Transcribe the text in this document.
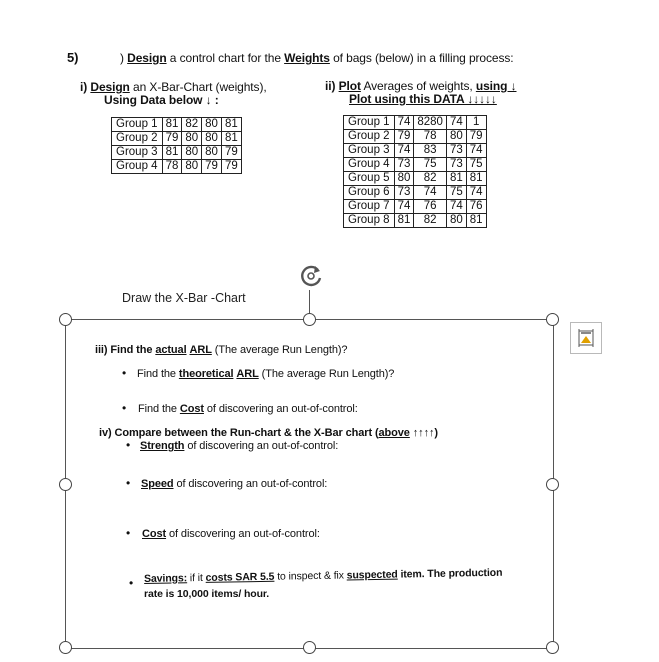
5)	) Design a control chart for the Weights of bags (below) in a filling process:
i) Design an X-Bar-Chart (weights),
Using Data below ↓ :
ii) Plot Averages of weights, using ↓
Plot using this DATA ↓↓↓↓↓
Group 1	81	82	80	81
Group 2	79	80	80	81
Group 3	81	80	80	79
Group 4	78	80	79	79
Group 1	74	8280	74	1
Group 2	79	78	80	79
Group 3	74	83	73	74
Group 4	73	75	73	75
Group 5	80	82	81	81
Group 6	73	74	75	74
Group 7	74	76	74	76
Group 8	81	82	80	81
Draw the X-Bar -Chart
iii) Find the actual ARL (The average Run Length)?
• Find the theoretical ARL (The average Run Length)?
• Find the Cost of discovering an out-of-control:
iv) Compare between the Run-chart & the X-Bar chart (above ↑↑↑↑)
• Strength of discovering an out-of-control:
• Speed of discovering an out-of-control:
• Cost of discovering an out-of-control:
• Savings: if it costs SAR 5.5 to inspect & fix suspected item. The production
rate is 10,000 items/ hour.
